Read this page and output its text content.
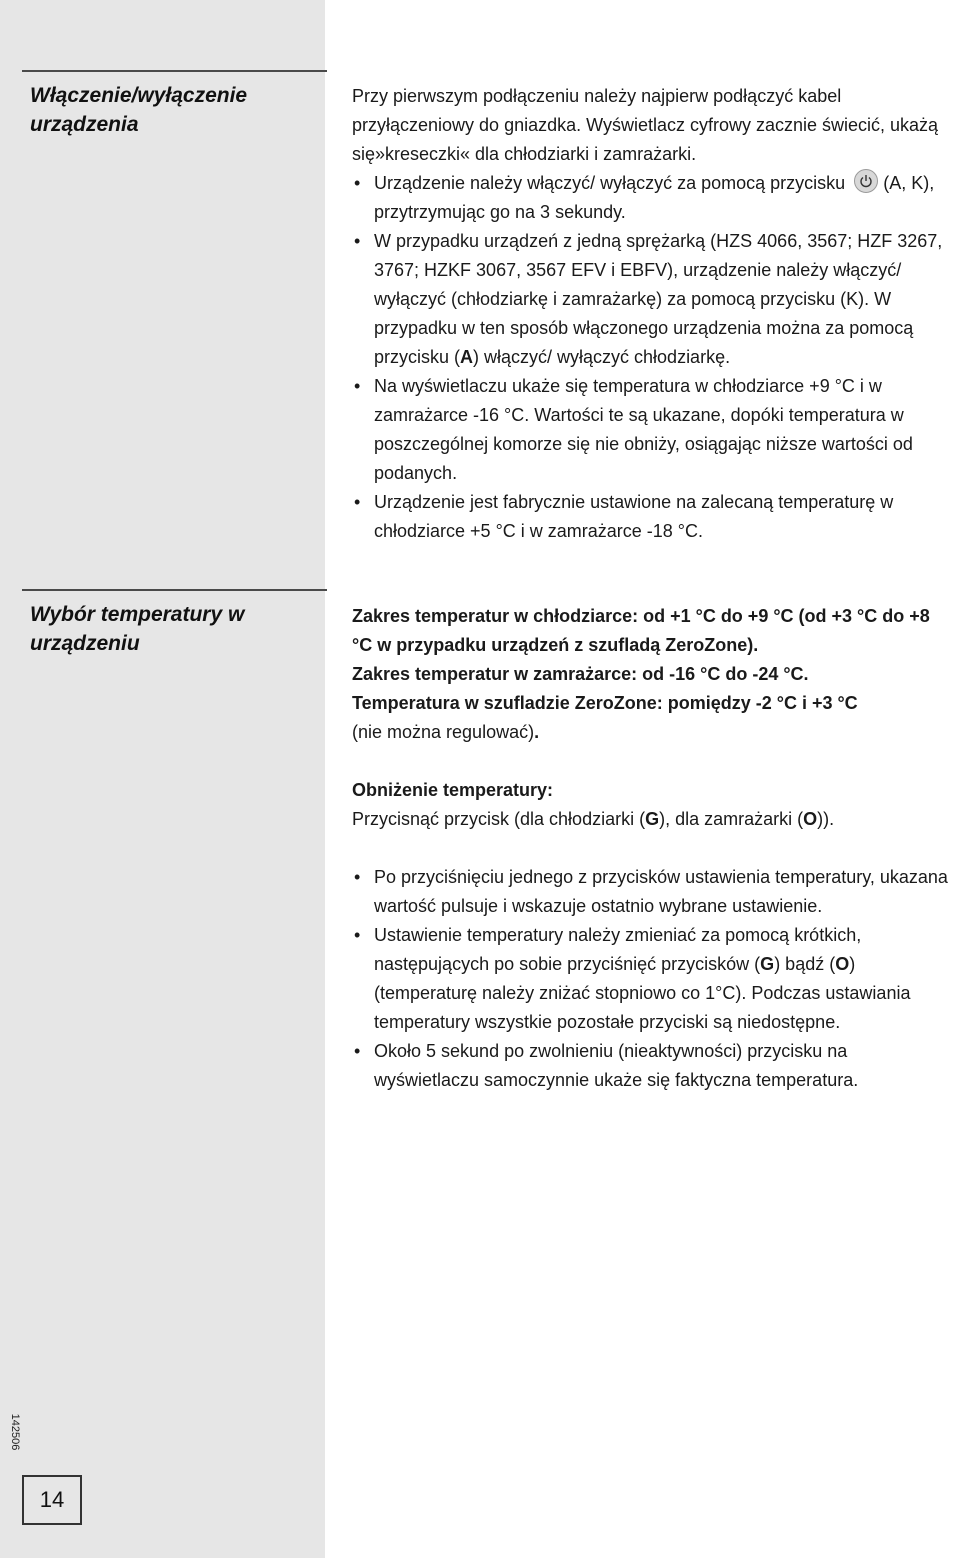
Włączenie/wyłączenie urządzenia

Przy pierwszym podłączeniu należy najpierw podłączyć kabel przyłączeniowy do gniazdka. Wyświetlacz cyfrowy zacznie świecić, ukażą się»kreseczki« dla chłodziarki i zamrażarki.

• Urządzenie należy włączyć/ wyłączyć za pomocą przycisku (A, K), przytrzymując go na 3 sekundy.
• W przypadku urządzeń z jedną sprężarką (HZS 4066, 3567; HZF 3267, 3767; HZKF 3067, 3567 EFV i EBFV), urządzenie należy włączyć/ wyłączyć (chłodziarkę i zamrażarkę) za pomocą przycisku (K). W przypadku w ten sposób włączonego urządzenia można za pomocą przycisku (A) włączyć/ wyłączyć chłodziarkę.
• Na wyświetlaczu ukaże się temperatura w chłodziarce +9 °C i w zamrażarce -16 °C. Wartości te są ukazane, dopóki temperatura w poszczególnej komorze się nie obniży, osiągając niższe wartości od podanych.
• Urządzenie jest fabrycznie ustawione na zalecaną temperaturę w chłodziarce +5 °C i w zamrażarce -18 °C.
Wybór temperatury w urządzeniu

Zakres temperatur w chłodziarce: od +1 °C do +9 °C (od +3 °C do +8 °C w przypadku urządzeń z szufladą ZeroZone).

Zakres temperatur w zamrażarce: od -16 °C do -24 °C.

Temperatura w szufladzie ZeroZone: pomiędzy -2 °C i +3 °C
(nie można regulować).

Obniżenie temperatury:

Przycisnąć przycisk (dla chłodziarki (G), dla zamrażarki (O)).

• Po przyciśnięciu jednego z przycisków ustawienia temperatury, ukazana wartość pulsuje i wskazuje ostatnio wybrane ustawienie.
• Ustawienie temperatury należy zmieniać za pomocą krótkich, następujących po sobie przyciśnięć przycisków (G) bądź (O) (temperaturę należy zniżać stopniowo co 1°C). Podczas ustawiania temperatury wszystkie pozostałe przyciski są niedostępne.
• Około 5 sekund po zwolnieniu (nieaktywności) przycisku na wyświetlaczu samoczynnie ukaże się faktyczna temperatura.
142506
14
